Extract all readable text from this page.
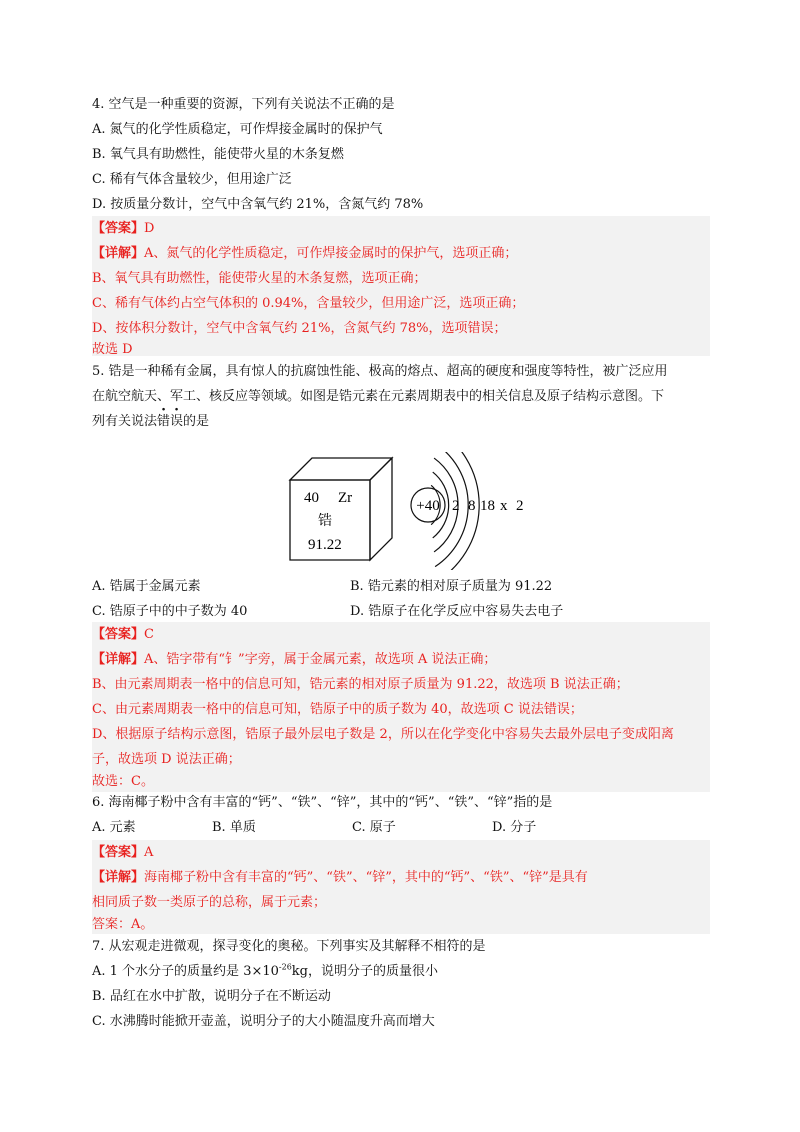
4. 空气是一种重要的资源，下列有关说法不正确的是
A. 氮气的化学性质稳定，可作焊接金属时的保护气
B. 氧气具有助燃性，能使带火星的木条复燃
C. 稀有气体含量较少，但用途广泛
D. 按质量分数计，空气中含氧气约 21%，含氮气约 78%
【答案】D
【详解】A、氮气的化学性质稳定，可作焊接金属时的保护气，选项正确；
B、氧气具有助燃性，能使带火星的木条复燃，选项正确；
C、稀有气体约占空气体积的 0.94%，含量较少，但用途广泛，选项正确；
D、按体积分数计，空气中含氧气约 21%，含氮气约 78%，选项错误；
故选 D
5. 锆是一种稀有金属，具有惊人的抗腐蚀性能、极高的熔点、超高的硬度和强度等特性，被广泛应用
在航空航天、军工、核反应等领域。如图是锆元素在元素周期表中的相关信息及原子结构示意图。下
列有关说法错误的是
40 Zr
锆
91.22
+40 2 8 18 x 2
A. 锆属于金属元素	B. 锆元素的相对原子质量为 91.22
C. 锆原子中的中子数为 40	D. 锆原子在化学反应中容易失去电子
【答案】C
【详解】A、锆字带有“钅”字旁，属于金属元素，故选项 A 说法正确；
B、由元素周期表一格中的信息可知，锆元素的相对原子质量为 91.22，故选项 B 说法正确；
C、由元素周期表一格中的信息可知，锆原子中的质子数为 40，故选项 C 说法错误；
D、根据原子结构示意图，锆原子最外层电子数是 2，所以在化学变化中容易失去最外层电子变成阳离
子，故选项 D 说法正确；
故选：C。
6. 海南椰子粉中含有丰富的“钙”、“铁”、“锌”，其中的“钙”、“铁”、“锌”指的是
A. 元素	B. 单质	C. 原子	D. 分子
【答案】A
【详解】海南椰子粉中含有丰富的“钙”、“铁”、“锌”，其中的“钙”、“铁”、“锌”是具有
相同质子数一类原子的总称，属于元素；
答案：A。
7. 从宏观走进微观，探寻变化的奥秘。下列事实及其解释不相符的是
A. 1 个水分子的质量约是 $3\times 10^{-26}kg$，说明分子的质量很小
B. 品红在水中扩散，说明分子在不断运动
C. 水沸腾时能掀开壶盖，说明分子的大小随温度升高而增大
